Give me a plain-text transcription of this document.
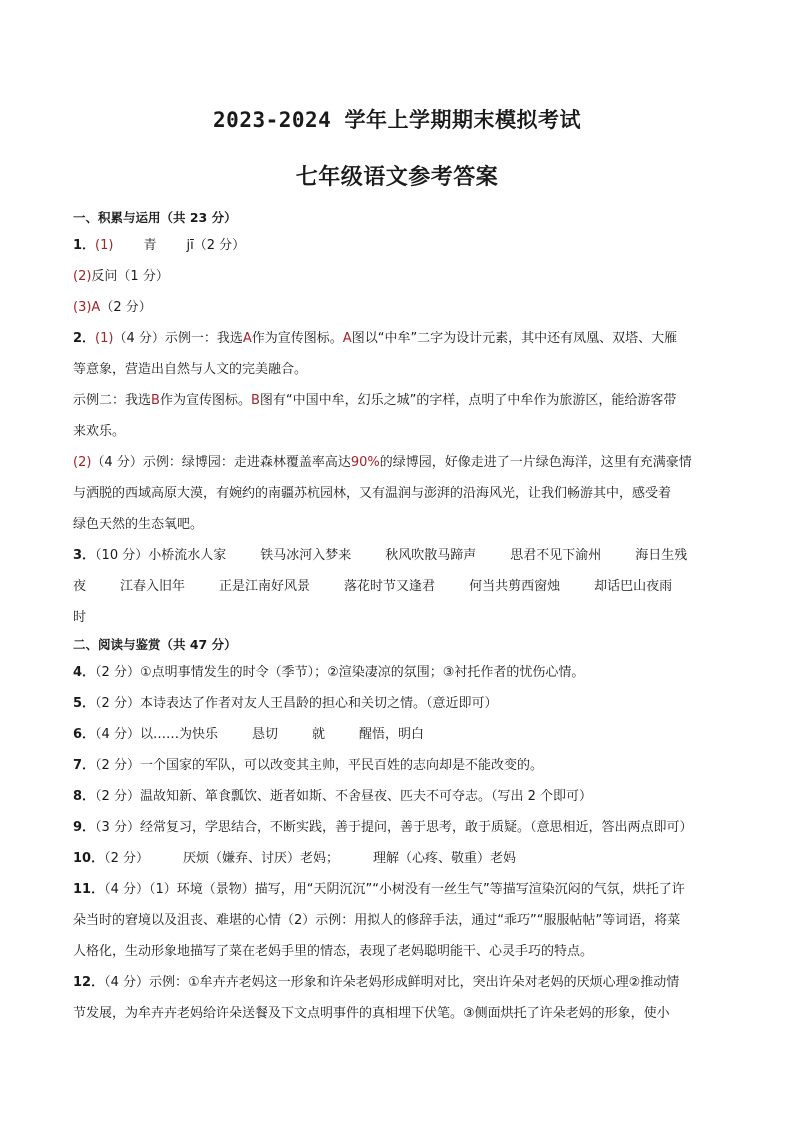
2023-2024 学年上学期期末模拟考试
七年级语文参考答案

一、积累与运用（共 23 分）

1．(1) 青 jī（2 分）

(2)反问（1 分）

(3)A（2 分）

2．(1)（4 分）示例一：我选A作为宣传图标。A图以“中牟”二字为设计元素，其中还有凤凰、双塔、大雁

等意象，营造出自然与人文的完美融合。

示例二：我选B作为宣传图标。B图有“中国中牟，幻乐之城”的字样，点明了中牟作为旅游区，能给游客带

来欢乐。

(2)（4 分）示例：绿博园：走进森林覆盖率高达90%的绿博园，好像走进了一片绿色海洋，这里有充满豪情

与洒脱的西域高原大漠，有婉约的南疆苏杭园林，又有温润与澎湃的沿海风光，让我们畅游其中，感受着

绿色天然的生态氧吧。

3．（10 分）小桥流水人家	铁马冰河入梦来	秋风吹散马蹄声	思君不见下渝州	海日生残

夜	江春入旧年	正是江南好风景	落花时节又逢君	何当共剪西窗烛	却话巴山夜雨

时

二、阅读与鉴赏（共 47 分）

4．（2 分）①点明事情发生的时令（季节）；②渲染凄凉的氛围；③衬托作者的忧伤心情。

5．（2 分）本诗表达了作者对友人王昌龄的担心和关切之情。（意近即可）

6．（4 分）以……为快乐	恳切	就	醒悟，明白

7．（2 分）一个国家的军队，可以改变其主帅，平民百姓的志向却是不能改变的。

8．（2 分）温故知新、箪食瓢饮、逝者如斯、不舍昼夜、匹夫不可夺志。（写出 2 个即可）

9．（3 分）经常复习，学思结合，不断实践，善于提问，善于思考，敢于质疑。（意思相近，答出两点即可）

10．（2 分）	厌烦（嫌弃、讨厌）老妈；	理解（心疼、敬重）老妈

11．（4 分）（1）环境（景物）描写，用“天阴沉沉”“小树没有一丝生气”等描写渲染沉闷的气氛，烘托了许

朵当时的窘境以及沮丧、难堪的心情（2）示例：用拟人的修辞手法，通过“乖巧”“服服帖帖”等词语，将菜

人格化，生动形象地描写了菜在老妈手里的情态，表现了老妈聪明能干、心灵手巧的特点。

12．（4 分）示例：①牟卉卉老妈这一形象和许朵老妈形成鲜明对比，突出许朵对老妈的厌烦心理②推动情

节发展，为牟卉卉老妈给许朵送餐及下文点明事件的真相埋下伏笔。③侧面烘托了许朵老妈的形象，使小
